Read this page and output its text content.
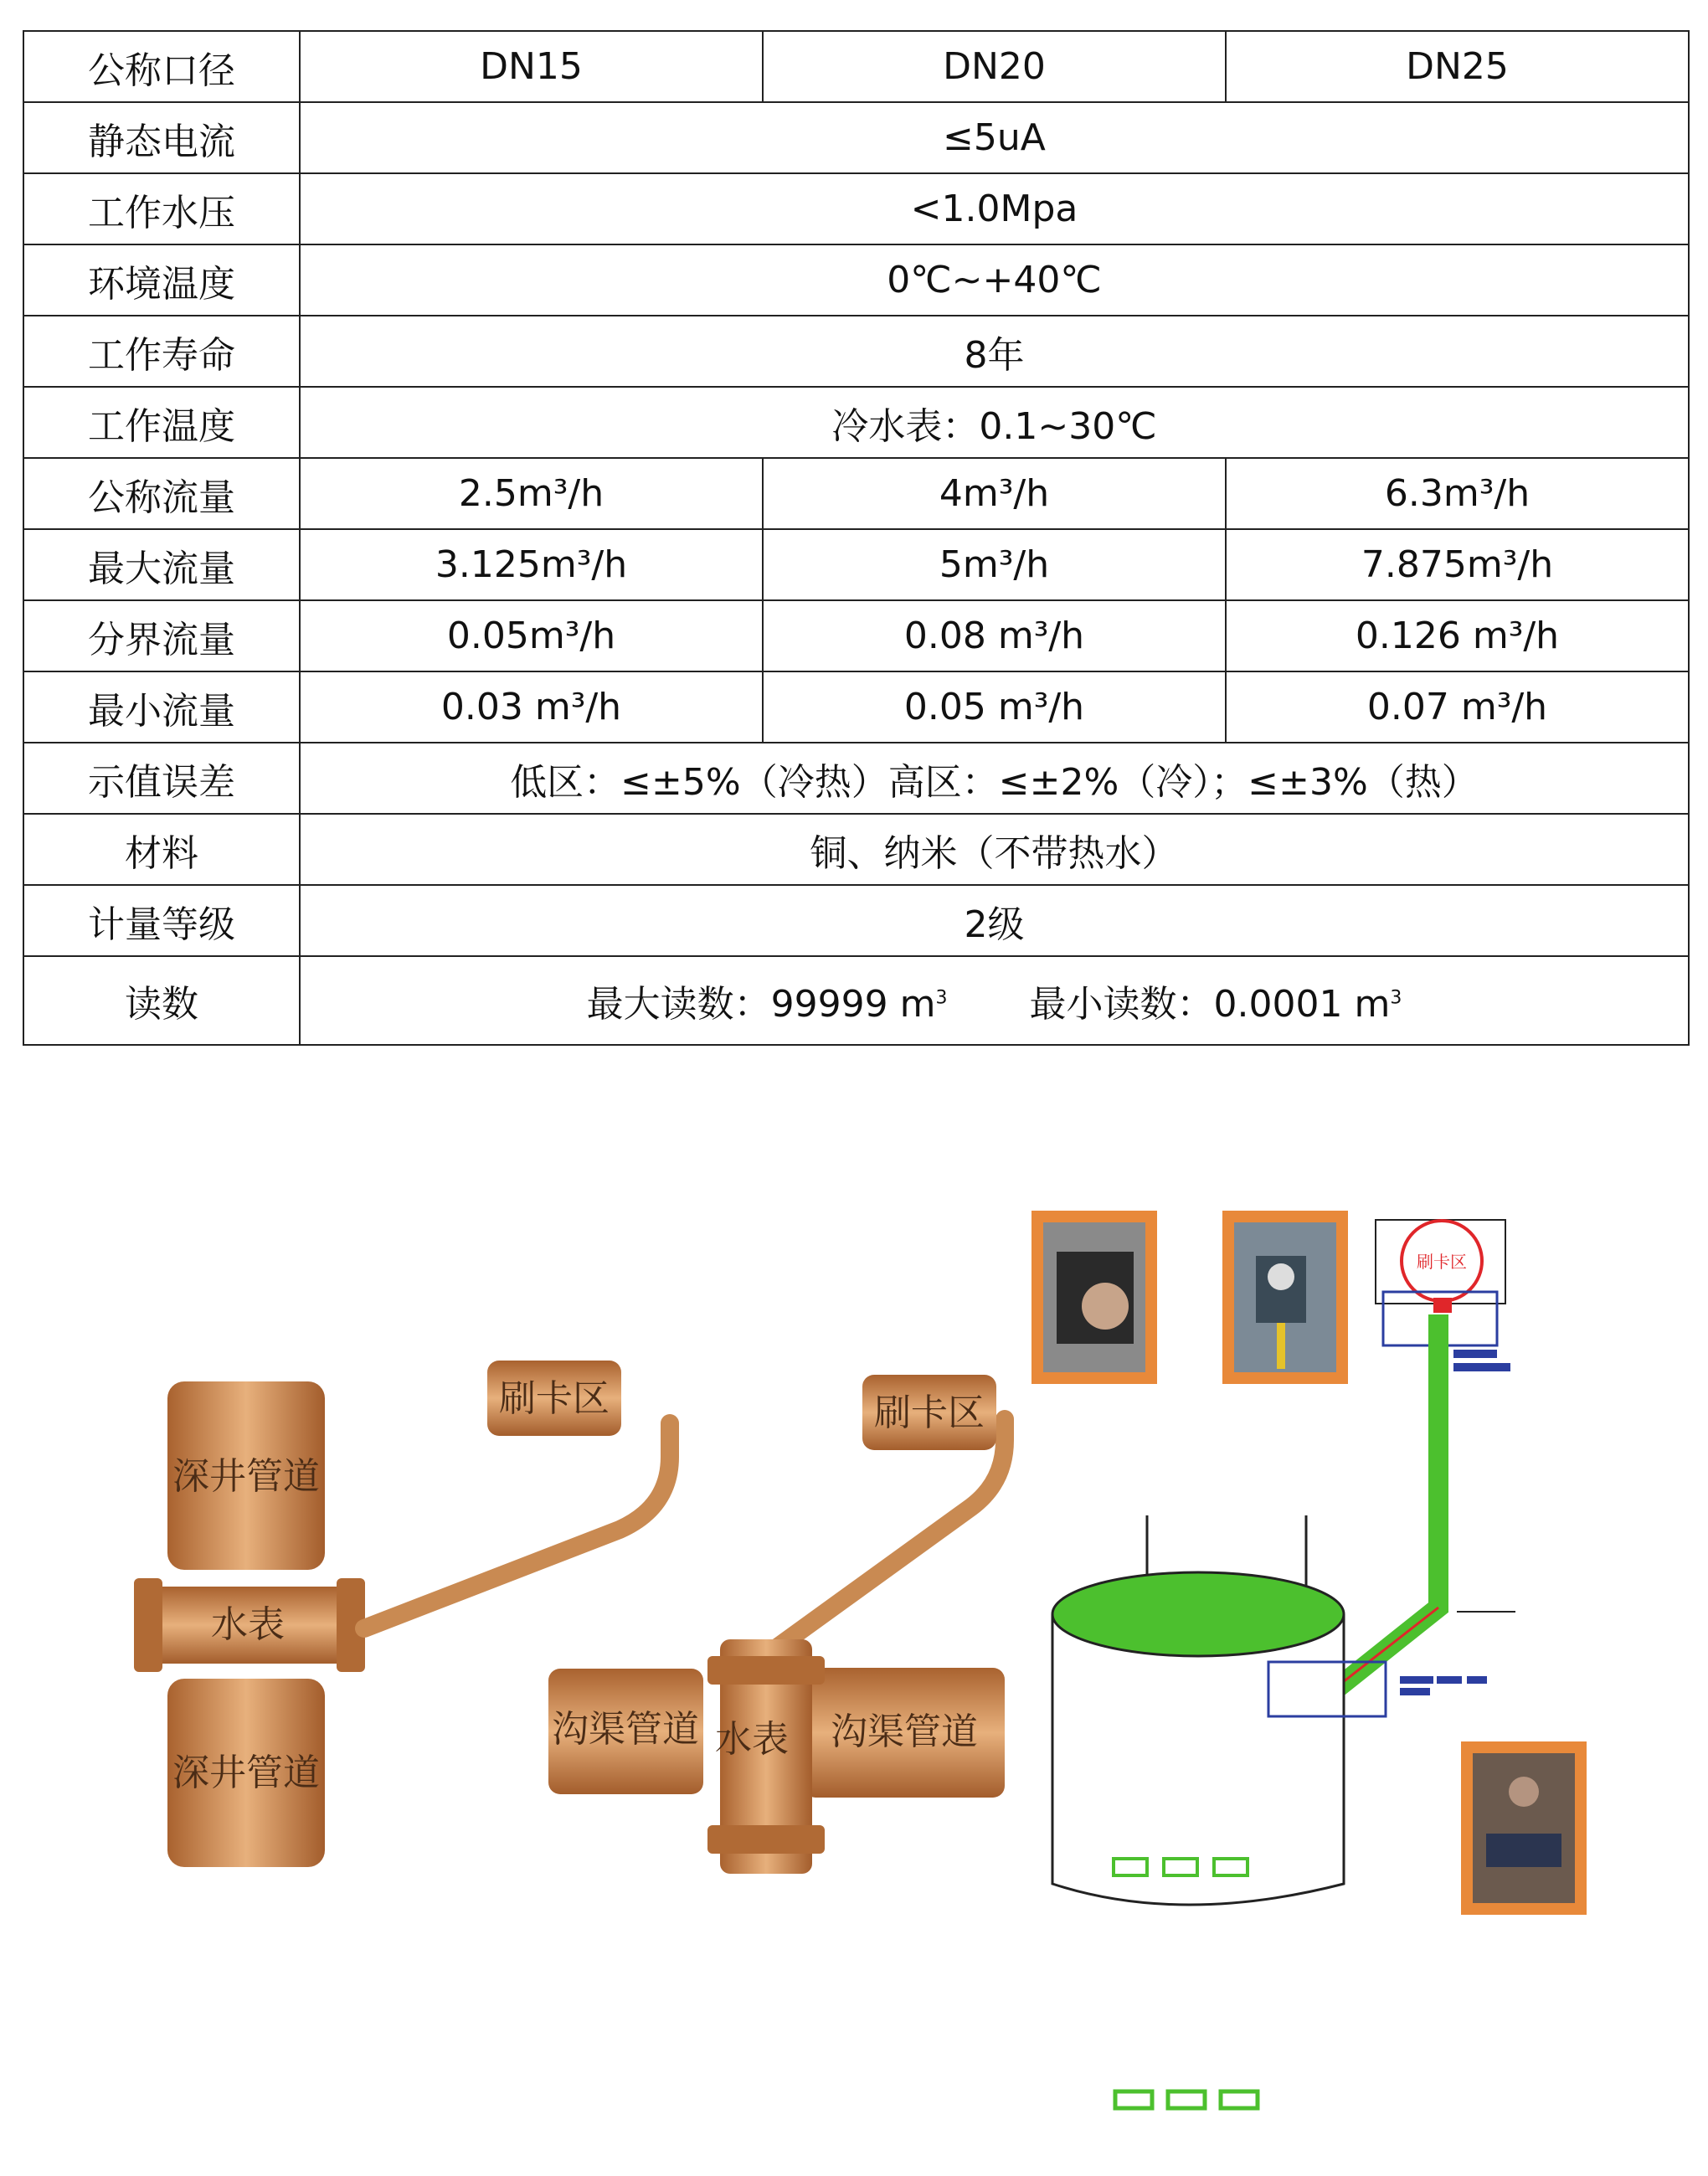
公称口径	DN15	DN20	DN25
静态电流	≤5uA		
工作水压	<1.0Mpa		
环境温度	0℃~+40℃		
工作寿命	8年		
工作温度	冷水表：0.1~30℃		
公称流量	2.5m³/h	4m³/h	6.3m³/h
最大流量	3.125m³/h	5m³/h	7.875m³/h
分界流量	0.05m³/h	0.08 m³/h	0.126 m³/h
最小流量	0.03 m³/h	0.05 m³/h	0.07 m³/h
示值误差	低区：≤±5%（冷热）高区：≤±2%（冷）；≤±3%（热）		
材料	铜、纳米（不带热水）		
计量等级	2级		
读数	最大读数：99999 $m^3$ 最小读数：0.0001 $m^3$
深井管道
深井管道
水表
刷卡区	刷卡区
沟渠管道	沟渠管道
水表
刷卡区
